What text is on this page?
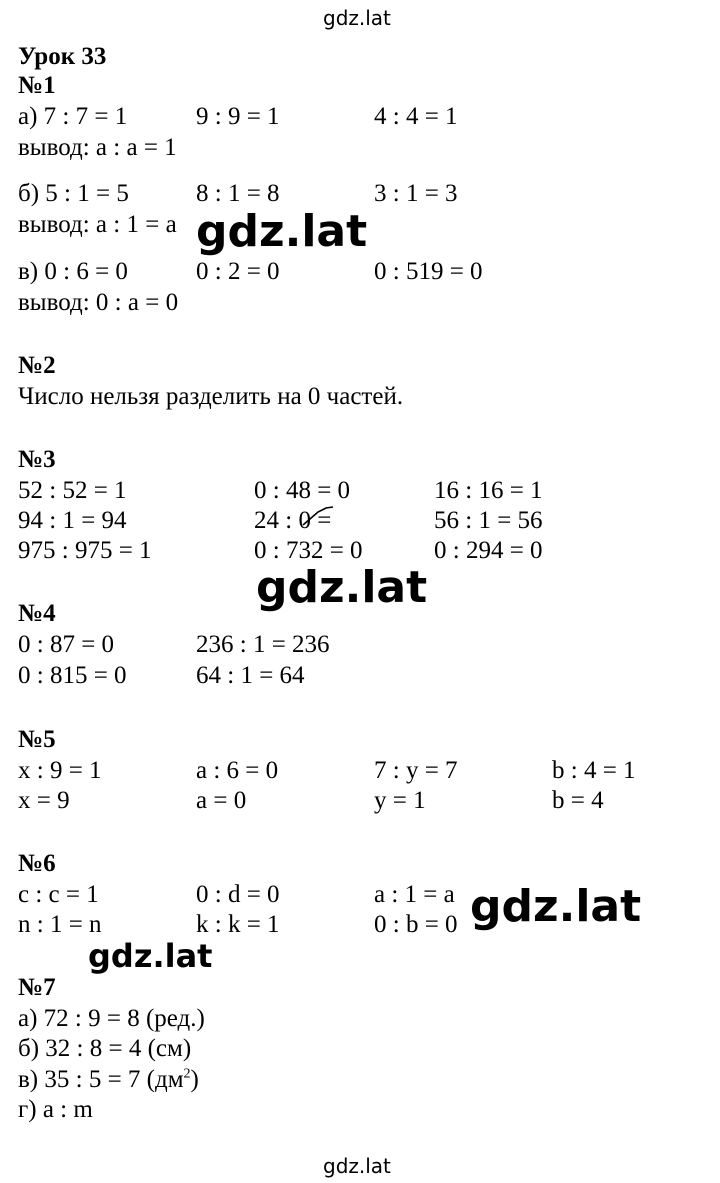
gdz.lat
gdz.lat
gdz.lat
gdz.lat
gdz.lat
gdz.lat
Урок 33
№1
а) 7 : 7 = 1	9 : 9 = 1	4 : 4 = 1
вывод: a : a = 1
б) 5 : 1 = 5	8 : 1 = 8	3 : 1 = 3
вывод: a : 1 = a
в) 0 : 6 = 0	0 : 2 = 0	0 : 519 = 0
вывод: 0 : a = 0
№2
Число нельзя разделить на 0 частей.
№3
52 : 52 = 1	0 : 48 = 0	16 : 16 = 1
94 : 1 = 94	24 : 0 =	56 : 1 = 56
975 : 975 = 1	0 : 732 = 0	0 : 294 = 0
№4
0 : 87 = 0	236 : 1 = 236
0 : 815 = 0	64 : 1 = 64
№5
x : 9 = 1	a : 6 = 0	7 : y = 7	b : 4 = 1
x = 9	a = 0	y = 1	b = 4
№6
c : c = 1	0 : d = 0	a : 1 = a
n : 1 = n	k : k = 1	0 : b = 0
№7
а) 72 : 9 = 8 (ред.)
б) 32 : 8 = 4 (см)
в) 35 : 5 = 7 $(дм^2)$
г) a : m
